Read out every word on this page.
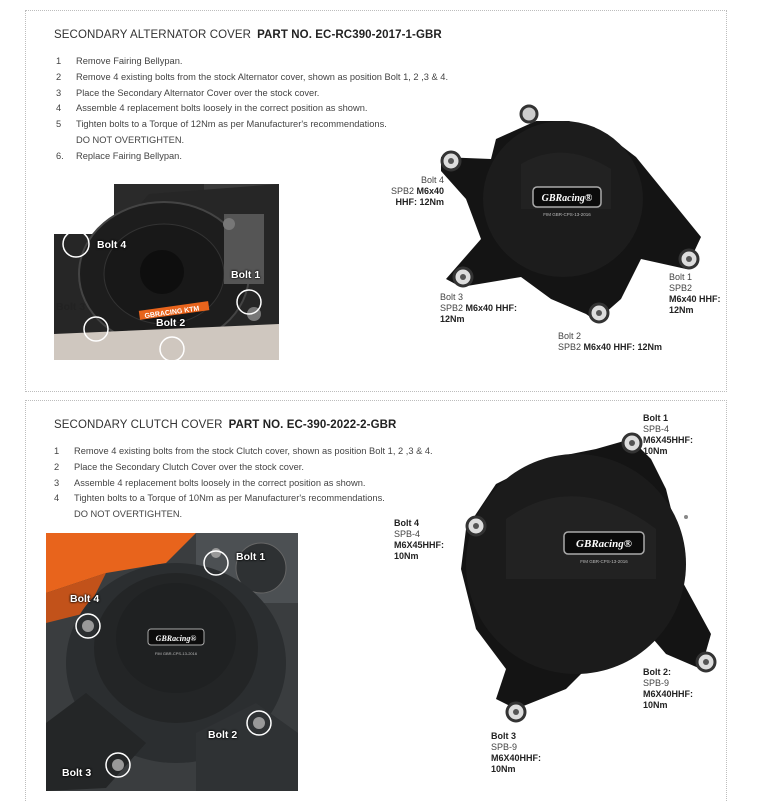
SECONDARY ALTERNATOR COVER PART NO. EC-RC390-2017-1-GBR
1	Remove Fairing Bellypan.
2	Remove 4 existing bolts from the stock Alternator cover, shown as position Bolt 1, 2 ,3 & 4.
3	Place the Secondary Alternator Cover over the stock cover.
4	Assemble 4 replacement bolts loosely in the correct position as shown.
5	Tighten bolts to a Torque of 12Nm as per Manufacturer's recommendations.
DO NOT OVERTIGHTEN.
6.	Replace Fairing Bellypan.
GBRACING KTM
Bolt 4
Bolt 1
Bolt 2
Bolt 3
GBRacing®
FIM GBR-CPS-13-2016
Bolt 4
SPB2 M6x40
HHF: 12Nm
Bolt 1
SPB2
M6x40 HHF:
12Nm
Bolt 3
SPB2 M6x40 HHF:
12Nm
Bolt 2
SPB2 M6x40 HHF: 12Nm
SECONDARY CLUTCH COVER PART NO. EC-390-2022-2-GBR
1	Remove 4 existing bolts from the stock Clutch cover, shown as position Bolt 1, 2 ,3 & 4.
2	Place the Secondary Clutch Cover over the stock cover.
3	Assemble 4 replacement bolts loosely in the correct position as shown.
4	Tighten bolts to a Torque of 10Nm as per Manufacturer's recommendations.
DO NOT OVERTIGHTEN.
GBRacing®
FIM GBR-CPS-13-2016
Bolt 1
Bolt 4
Bolt 2
Bolt 3
GBRacing®
FIM GBR-CPS-13-2016
Bolt 1
SPB-4
M6X45HHF:
10Nm
Bolt 4
SPB-4
M6X45HHF:
10Nm
Bolt 2:
SPB-9
M6X40HHF:
10Nm
Bolt 3
SPB-9
M6X40HHF:
10Nm
